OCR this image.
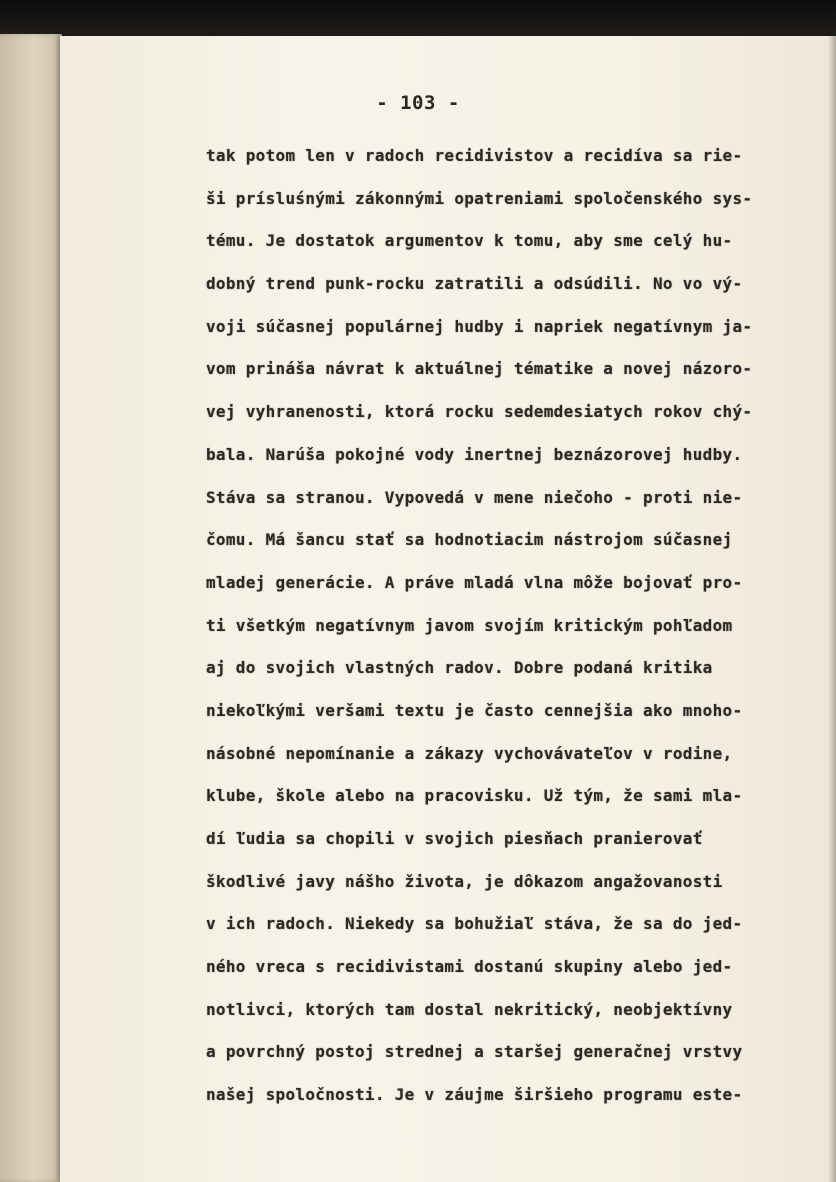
- 103 -
tak potom len v radoch recidivistov a recidíva sa rie-
ši prísluśnými zákonnými opatreniami spoločenského sys-
tému. Je dostatok argumentov k tomu, aby sme celý hu-
dobný trend punk-rocku zatratili a odsúdili. No vo vý-
voji súčasnej populárnej hudby i napriek negatívnym ja-
vom prináša návrat k aktuálnej tématike a novej názoro-
vej vyhranenosti, ktorá rocku sedemdesiatych rokov chý-
bala. Narúša pokojné vody inertnej beznázorovej hudby.
Stáva sa stranou. Vypovedá v mene niečoho - proti nie-
čomu. Má šancu stať sa hodnotiacim nástrojom súčasnej
mladej generácie. A práve mladá vlna môže bojovať pro-
ti všetkým negatívnym javom svojím kritickým pohľadom
aj do svojich vlastných radov. Dobre podaná kritika
niekoľkými veršami textu je často cennejšia ako mnoho-
násobné nepomínanie a zákazy vychovávateľov v rodine,
klube, škole alebo na pracovisku. Už tým, že sami mla-
dí ľudia sa chopili v svojich piesňach pranierovať
škodlivé javy nášho života, je dôkazom angažovanosti
v ich radoch. Niekedy sa bohužiaľ stáva, že sa do jed-
ného vreca s recidivistami dostanú skupiny alebo jed-
notlivci, ktorých tam dostal nekritický, neobjektívny
a povrchný postoj strednej a staršej generačnej vrstvy
našej spoločnosti. Je v záujme širšieho programu este-
